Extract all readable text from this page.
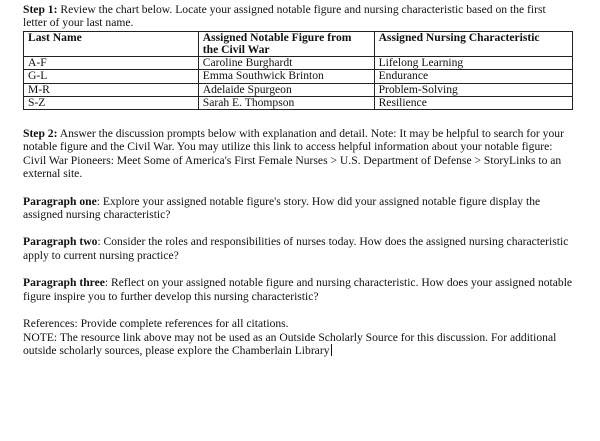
Step 1: Review the chart below. Locate your assigned notable figure and nursing characteristic based on the first letter of your last name.

Last Name	Assigned Notable Figure from the Civil War	Assigned Nursing Characteristic
A-F	Caroline Burghardt	Lifelong Learning
G-L	Emma Southwick Brinton	Endurance
M-R	Adelaide Spurgeon	Problem-Solving
S-Z	Sarah E. Thompson	Resilience

Step 2: Answer the discussion prompts below with explanation and detail. Note: It may be helpful to search for your notable figure and the Civil War. You may utilize this link to access helpful information about your notable figure: Civil War Pioneers: Meet Some of America's First Female Nurses > U.S. Department of Defense > StoryLinks to an external site.

Paragraph one: Explore your assigned notable figure's story. How did your assigned notable figure display the assigned nursing characteristic?

Paragraph two: Consider the roles and responsibilities of nurses today. How does the assigned nursing characteristic apply to current nursing practice?

Paragraph three: Reflect on your assigned notable figure and nursing characteristic. How does your assigned notable figure inspire you to further develop this nursing characteristic?

References: Provide complete references for all citations.

NOTE: The resource link above may not be used as an Outside Scholarly Source for this discussion. For additional outside scholarly sources, please explore the Chamberlain Library
